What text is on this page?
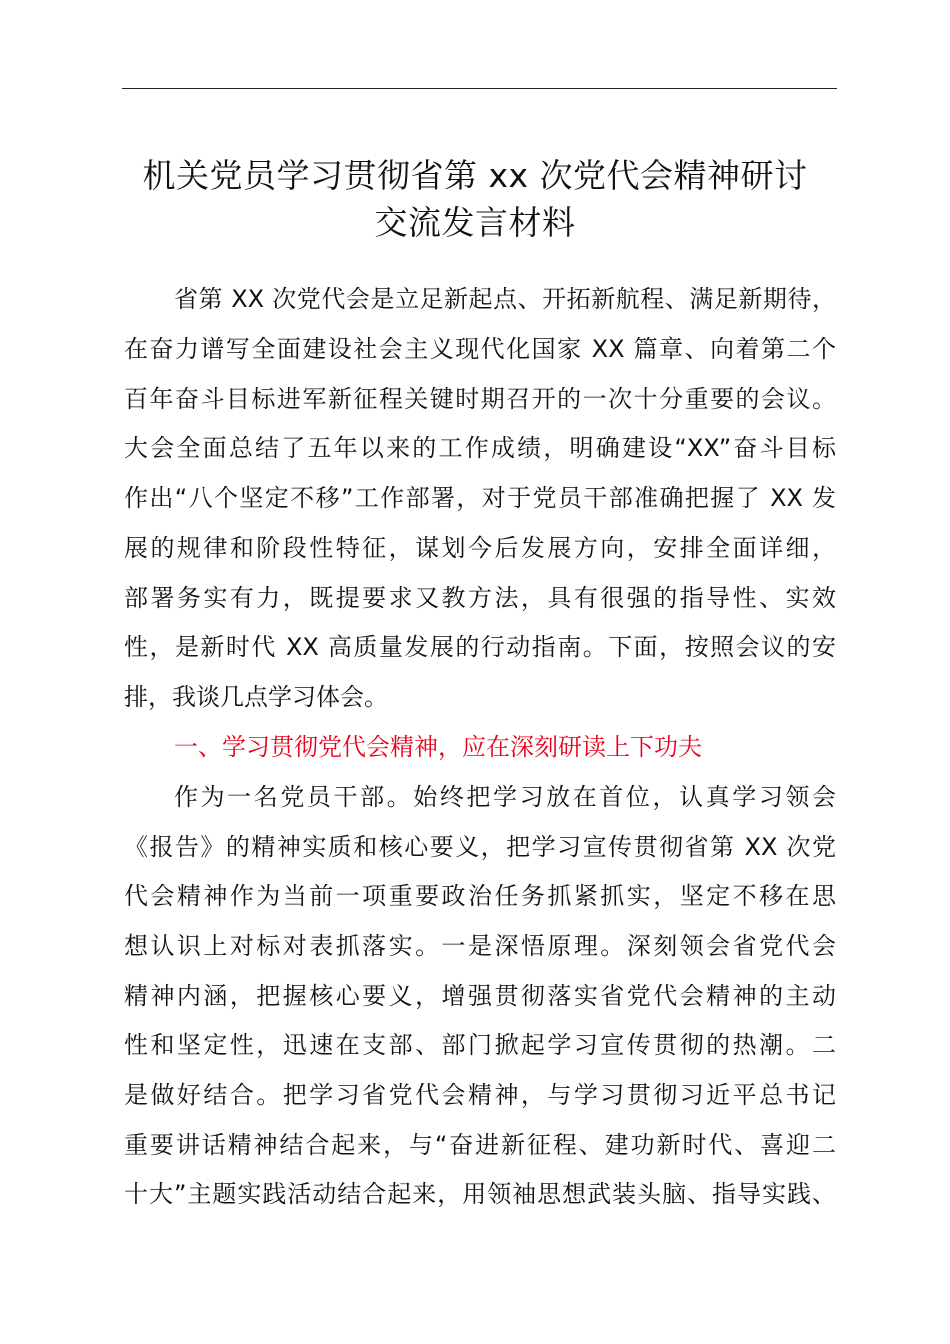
机关党员学习贯彻省第 xx 次党代会精神研讨
交流发言材料
省第 XX 次党代会是立足新起点、开拓新航程、满足新期待，
在奋力谱写全面建设社会主义现代化国家 XX 篇章、向着第二个
百年奋斗目标进军新征程关键时期召开的一次十分重要的会议。
大会全面总结了五年以来的工作成绩，明确建设“XX”奋斗目标
作出“八个坚定不移”工作部署，对于党员干部准确把握了 XX 发
展的规律和阶段性特征，谋划今后发展方向，安排全面详细，
部署务实有力，既提要求又教方法，具有很强的指导性、实效
性，是新时代 XX 高质量发展的行动指南。下面，按照会议的安
排，我谈几点学习体会。
一、学习贯彻党代会精神，应在深刻研读上下功夫
作为一名党员干部。始终把学习放在首位，认真学习领会
《报告》的精神实质和核心要义，把学习宣传贯彻省第 XX 次党
代会精神作为当前一项重要政治任务抓紧抓实，坚定不移在思
想认识上对标对表抓落实。一是深悟原理。深刻领会省党代会
精神内涵，把握核心要义，增强贯彻落实省党代会精神的主动
性和坚定性，迅速在支部、部门掀起学习宣传贯彻的热潮。二
是做好结合。把学习省党代会精神，与学习贯彻习近平总书记
重要讲话精神结合起来，与“奋进新征程、建功新时代、喜迎二
十大”主题实践活动结合起来，用领袖思想武装头脑、指导实践、
